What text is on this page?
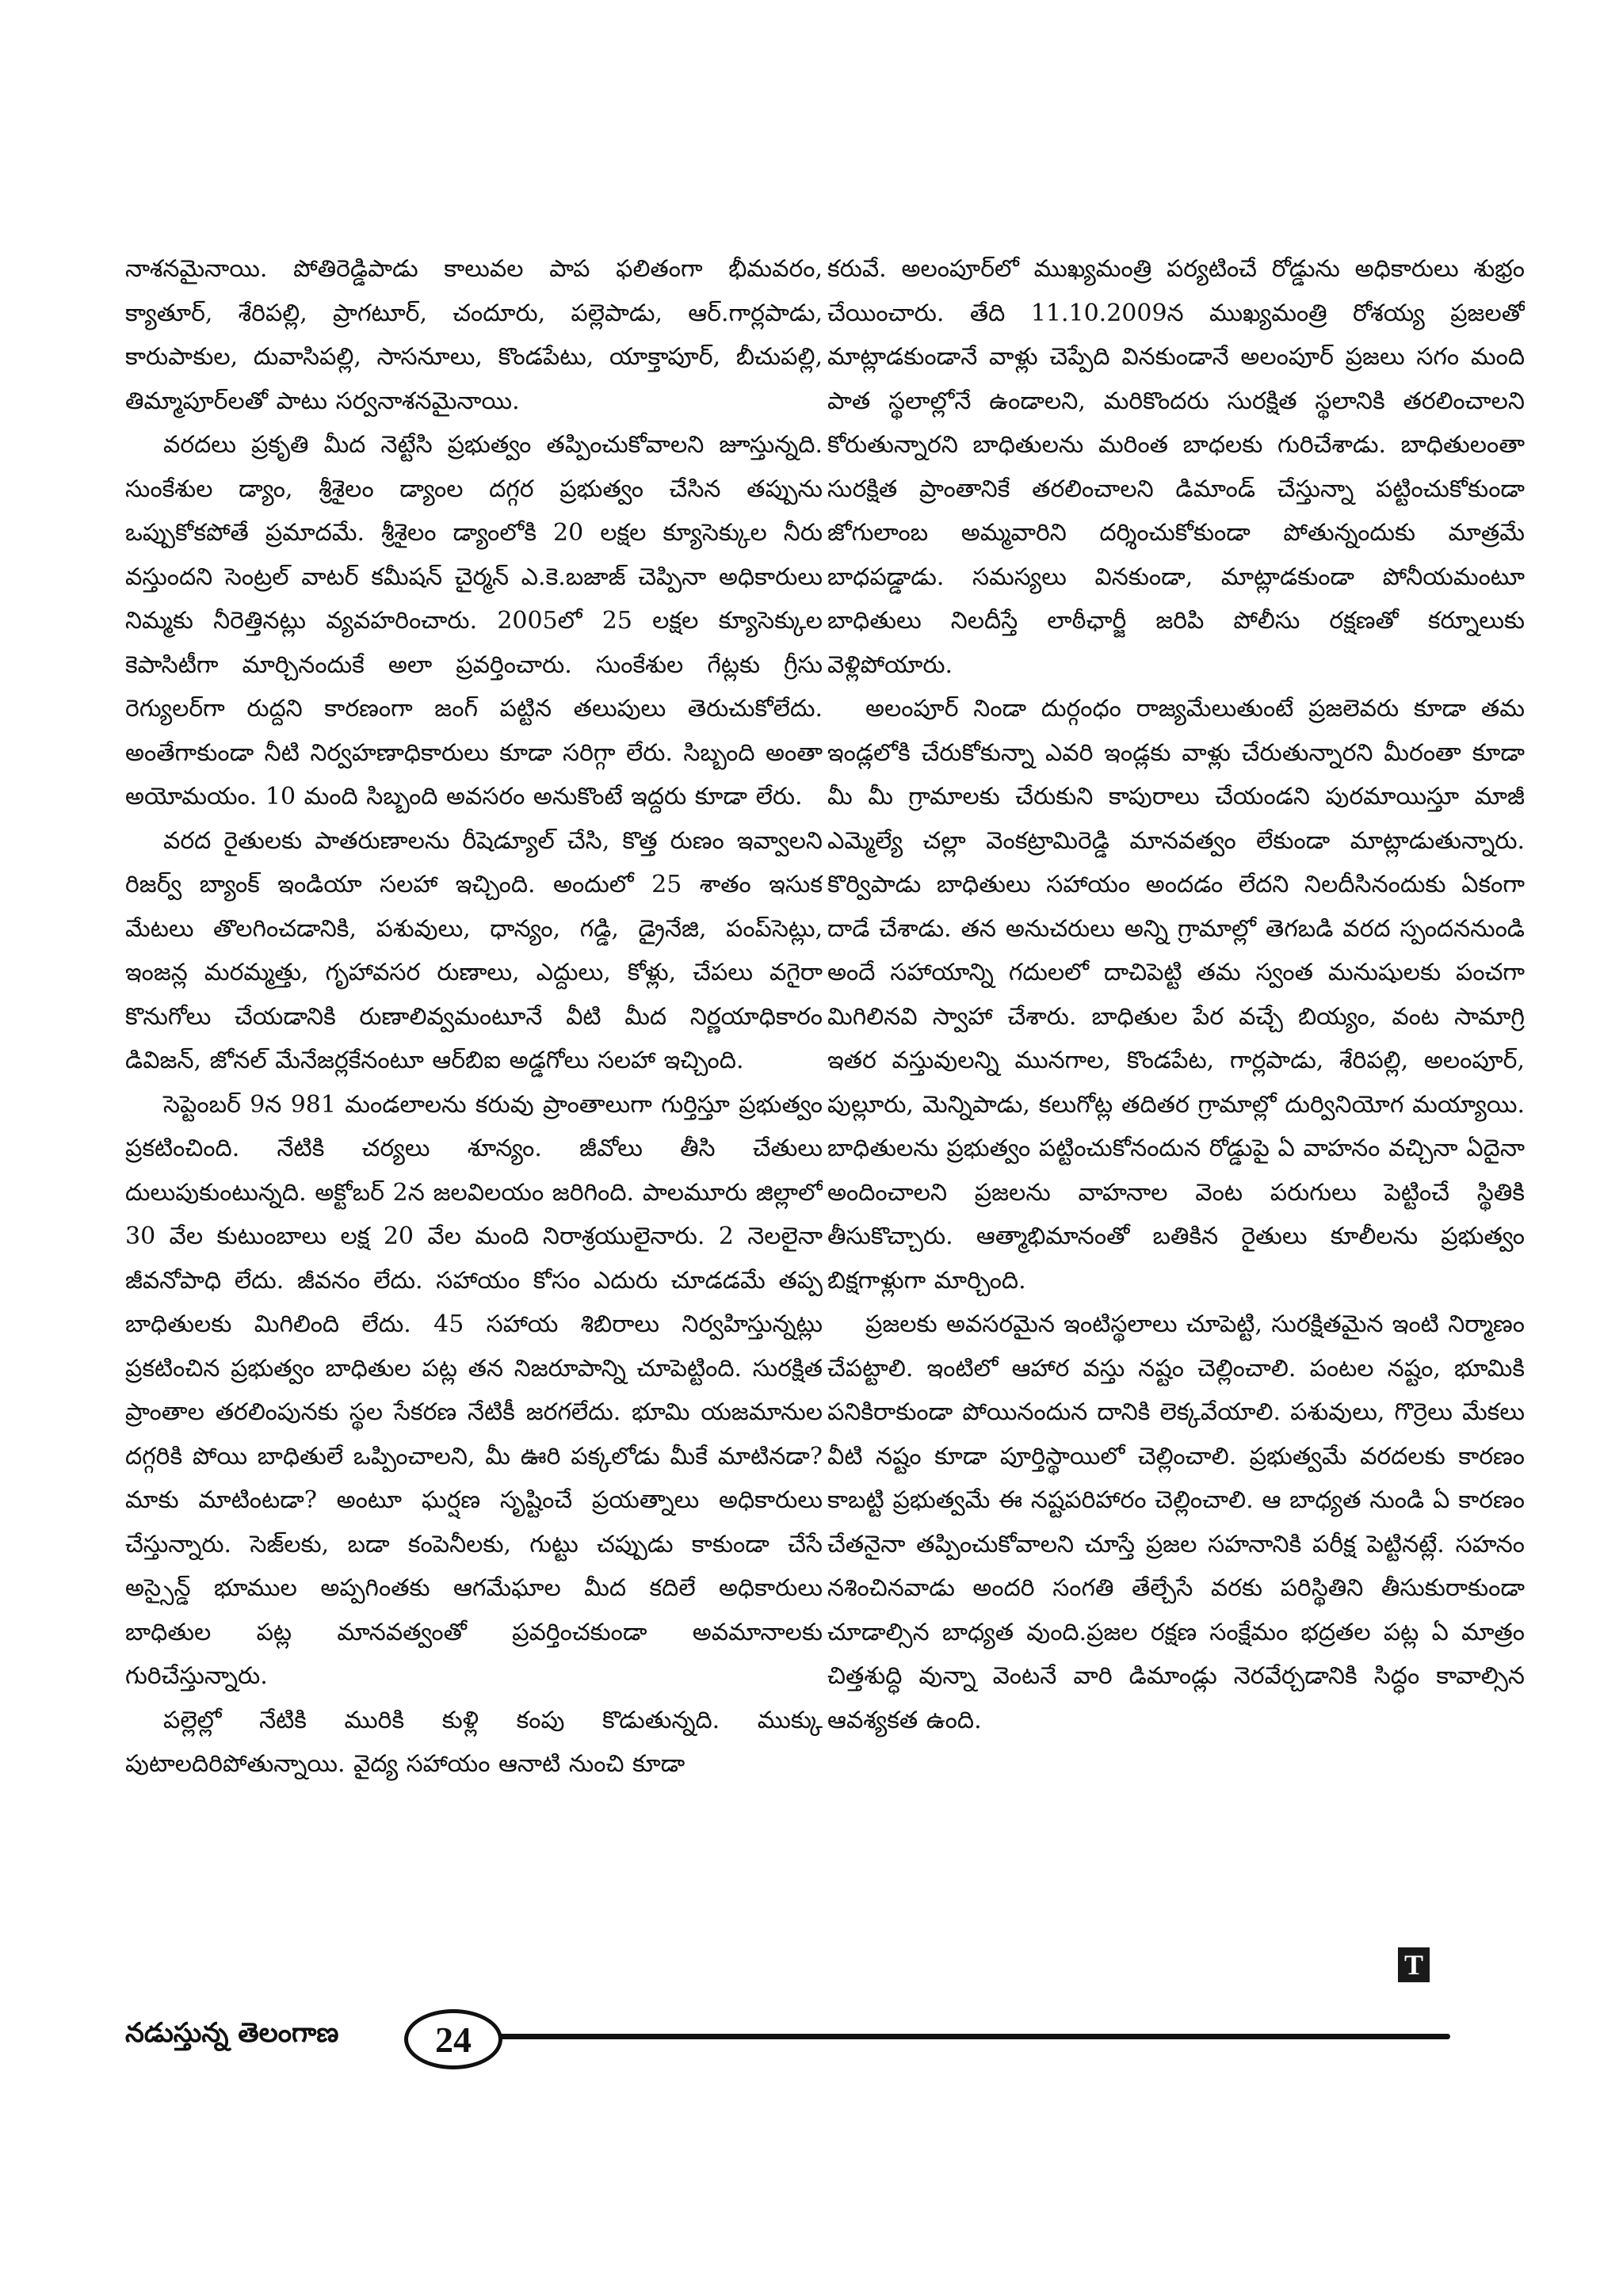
నాశనమైనాయి. పోతిరెడ్డిపాడు కాలువల పాప ఫలితంగా భీమవరం, క్యాతూర్, శేరిపల్లి, ప్రాగటూర్, చందూరు, పల్లెపాడు, ఆర్.గార్లపాడు, కారుపాకుల, దువాసిపల్లి, సాసనూలు, కొండపేటు, యాక్తాపూర్, బీచుపల్లి, తిమ్మాపూర్‌లతో పాటు సర్వనాశనమైనాయి.

వరదలు ప్రకృతి మీద నెట్టేసి ప్రభుత్వం తప్పించుకోవాలని జూస్తున్నది. సుంకేశుల డ్యాం, శ్రీశైలం డ్యాంల దగ్గర ప్రభుత్వం చేసిన తప్పును ఒప్పుకోకపోతే ప్రమాదమే. శ్రీశైలం డ్యాంలోకి 20 లక్షల క్యూసెక్కుల నీరు వస్తుందని సెంట్రల్ వాటర్ కమీషన్ చైర్మన్ ఎ.కె.బజాజ్ చెప్పినా అధికారులు నిమ్మకు నీరెత్తినట్లు వ్యవహరించారు. 2005లో 25 లక్షల క్యూసెక్కుల కెపాసిటీగా మార్చినందుకే అలా ప్రవర్తించారు. సుంకేశుల గేట్లకు గ్రీసు రెగ్యులర్‌గా రుద్దని కారణంగా జంగ్ పట్టిన తలుపులు తెరుచుకోలేదు. అంతేగాకుండా నీటి నిర్వహణాధికారులు కూడా సరిగ్గా లేరు. సిబ్బంది అంతా అయోమయం. 10 మంది సిబ్బంది అవసరం అనుకొంటే ఇద్దరు కూడా లేరు.

వరద రైతులకు పాతరుణాలను రీషెడ్యూల్ చేసి, కొత్త రుణం ఇవ్వాలని రిజర్వ్ బ్యాంక్ ఇండియా సలహా ఇచ్చింది. అందులో 25 శాతం ఇసుక మేటలు తొలగించడానికి, పశువులు, ధాన్యం, గడ్డి, డ్రైనేజి, పంప్‌సెట్లు, ఇంజన్ల మరమ్మత్తు, గృహావసర రుణాలు, ఎద్దులు, కోళ్లు, చేపలు వగైరా కొనుగోలు చేయడానికి రుణాలివ్వమంటూనే వీటి మీద నిర్ణయాధికారం డివిజన్, జోనల్ మేనేజర్లకేనంటూ ఆర్‌బిఐ అడ్డగోలు సలహా ఇచ్చింది.

సెప్టెంబర్ 9న 981 మండలాలను కరువు ప్రాంతాలుగా గుర్తిస్తూ ప్రభుత్వం ప్రకటించింది. నేటికి చర్యలు శూన్యం. జీవోలు తీసి చేతులు దులుపుకుంటున్నది. అక్టోబర్ 2న జలవిలయం జరిగింది. పాలమూరు జిల్లాలో 30 వేల కుటుంబాలు లక్ష 20 వేల మంది నిరాశ్రయులైనారు. 2 నెలలైనా జీవనోపాధి లేదు. జీవనం లేదు. సహాయం కోసం ఎదురు చూడడమే తప్ప బాధితులకు మిగిలింది లేదు. 45 సహాయ శిబిరాలు నిర్వహిస్తున్నట్లు ప్రకటించిన ప్రభుత్వం బాధితుల పట్ల తన నిజరూపాన్ని చూపెట్టింది. సురక్షిత ప్రాంతాల తరలింపునకు స్థల సేకరణ నేటికీ జరగలేదు. భూమి యజమానుల దగ్గరికి పోయి బాధితులే ఒప్పించాలని, మీ ఊరి పక్కలోడు మీకే మాటినడా? మాకు మాటింటడా? అంటూ ఘర్షణ సృష్టించే ప్రయత్నాలు అధికారులు చేస్తున్నారు. సెజ్‌లకు, బడా కంపెనీలకు, గుట్టు చప్పుడు కాకుండా చేసే అస్సైన్డ్ భూముల అప్పగింతకు ఆగమేఘాల మీద కదిలే అధికారులు బాధితుల పట్ల మానవత్వంతో ప్రవర్తించకుండా అవమానాలకు గురిచేస్తున్నారు.

పల్లెల్లో నేటికి మురికి కుళ్లి కంపు కొడుతున్నది. ముక్కు పుటాలదిరిపోతున్నాయి. వైద్య సహాయం ఆనాటి నుంచి కూడా

కరువే. అలంపూర్‌లో ముఖ్యమంత్రి పర్యటించే రోడ్డును అధికారులు శుభ్రం చేయించారు. తేది 11.10.2009న ముఖ్యమంత్రి రోశయ్య ప్రజలతో మాట్లాడకుండానే వాళ్లు చెప్పేది వినకుండానే అలంపూర్ ప్రజలు సగం మంది పాత స్థలాల్లోనే ఉండాలని, మరికొందరు సురక్షిత స్థలానికి తరలించాలని కోరుతున్నారని బాధితులను మరింత బాధలకు గురిచేశాడు. బాధితులంతా సురక్షిత ప్రాంతానికే తరలించాలని డిమాండ్ చేస్తున్నా పట్టించుకోకుండా జోగులాంబ అమ్మవారిని దర్శించుకోకుండా పోతున్నందుకు మాత్రమే బాధపడ్డాడు. సమస్యలు వినకుండా, మాట్లాడకుండా పోనీయమంటూ బాధితులు నిలదీస్తే లాఠీఛార్జీ జరిపి పోలీసు రక్షణతో కర్నూలుకు వెళ్లిపోయారు.

అలంపూర్ నిండా దుర్గంధం రాజ్యమేలుతుంటే ప్రజలెవరు కూడా తమ ఇండ్లలోకి చేరుకోకున్నా ఎవరి ఇండ్లకు వాళ్లు చేరుతున్నారని మీరంతా కూడా మీ మీ గ్రామాలకు చేరుకుని కాపురాలు చేయండని పురమాయిస్తూ మాజీ ఎమ్మెల్యే చల్లా వెంకట్రామిరెడ్డి మానవత్వం లేకుండా మాట్లాడుతున్నారు. కొర్విపాడు బాధితులు సహాయం అందడం లేదని నిలదీసినందుకు ఏకంగా దాడే చేశాడు. తన అనుచరులు అన్ని గ్రామాల్లో తెగబడి వరద స్పందననుండి అందే సహాయాన్ని గదులలో దాచిపెట్టి తమ స్వంత మనుషులకు పంచగా మిగిలినవి స్వాహా చేశారు. బాధితుల పేర వచ్చే బియ్యం, వంట సామాగ్రి ఇతర వస్తువులన్ని మునగాల, కొండపేట, గార్లపాడు, శేరిపల్లి, అలంపూర్, పుల్లూరు, మెన్నిపాడు, కలుగోట్ల తదితర గ్రామాల్లో దుర్వినియోగ మయ్యాయి. బాధితులను ప్రభుత్వం పట్టించుకోనందున రోడ్డుపై ఏ వాహనం వచ్చినా ఏదైనా అందించాలని ప్రజలను వాహనాల వెంట పరుగులు పెట్టించే స్థితికి తీసుకొచ్చారు. ఆత్మాభిమానంతో బతికిన రైతులు కూలీలను ప్రభుత్వం బిక్షగాళ్లుగా మార్చింది.

ప్రజలకు అవసరమైన ఇంటిస్థలాలు చూపెట్టి, సురక్షితమైన ఇంటి నిర్మాణం చేపట్టాలి. ఇంటిలో ఆహార వస్తు నష్టం చెల్లించాలి. పంటల నష్టం, భూమికి పనికిరాకుండా పోయినందున దానికి లెక్కవేయాలి. పశువులు, గొర్రెలు మేకలు వీటి నష్టం కూడా పూర్తిస్థాయిలో చెల్లించాలి. ప్రభుత్వమే వరదలకు కారణం కాబట్టి ప్రభుత్వమే ఈ నష్టపరిహారం చెల్లించాలి. ఆ బాధ్యత నుండి ఏ కారణం చేతనైనా తప్పించుకోవాలని చూస్తే ప్రజల సహనానికి పరీక్ష పెట్టినట్లే. సహనం నశించినవాడు అందరి సంగతి తేల్చేసే వరకు పరిస్థితిని తీసుకురాకుండా చూడాల్సిన బాధ్యత వుంది.ప్రజల రక్షణ సంక్షేమం భద్రతల పట్ల ఏ మాత్రం చిత్తశుద్ధి వున్నా వెంటనే వారి డిమాండ్లు నెరవేర్చడానికి సిద్ధం కావాల్సిన ఆవశ్యకత ఉంది.

T
నడుస్తున్న తెలంగాణ	24
